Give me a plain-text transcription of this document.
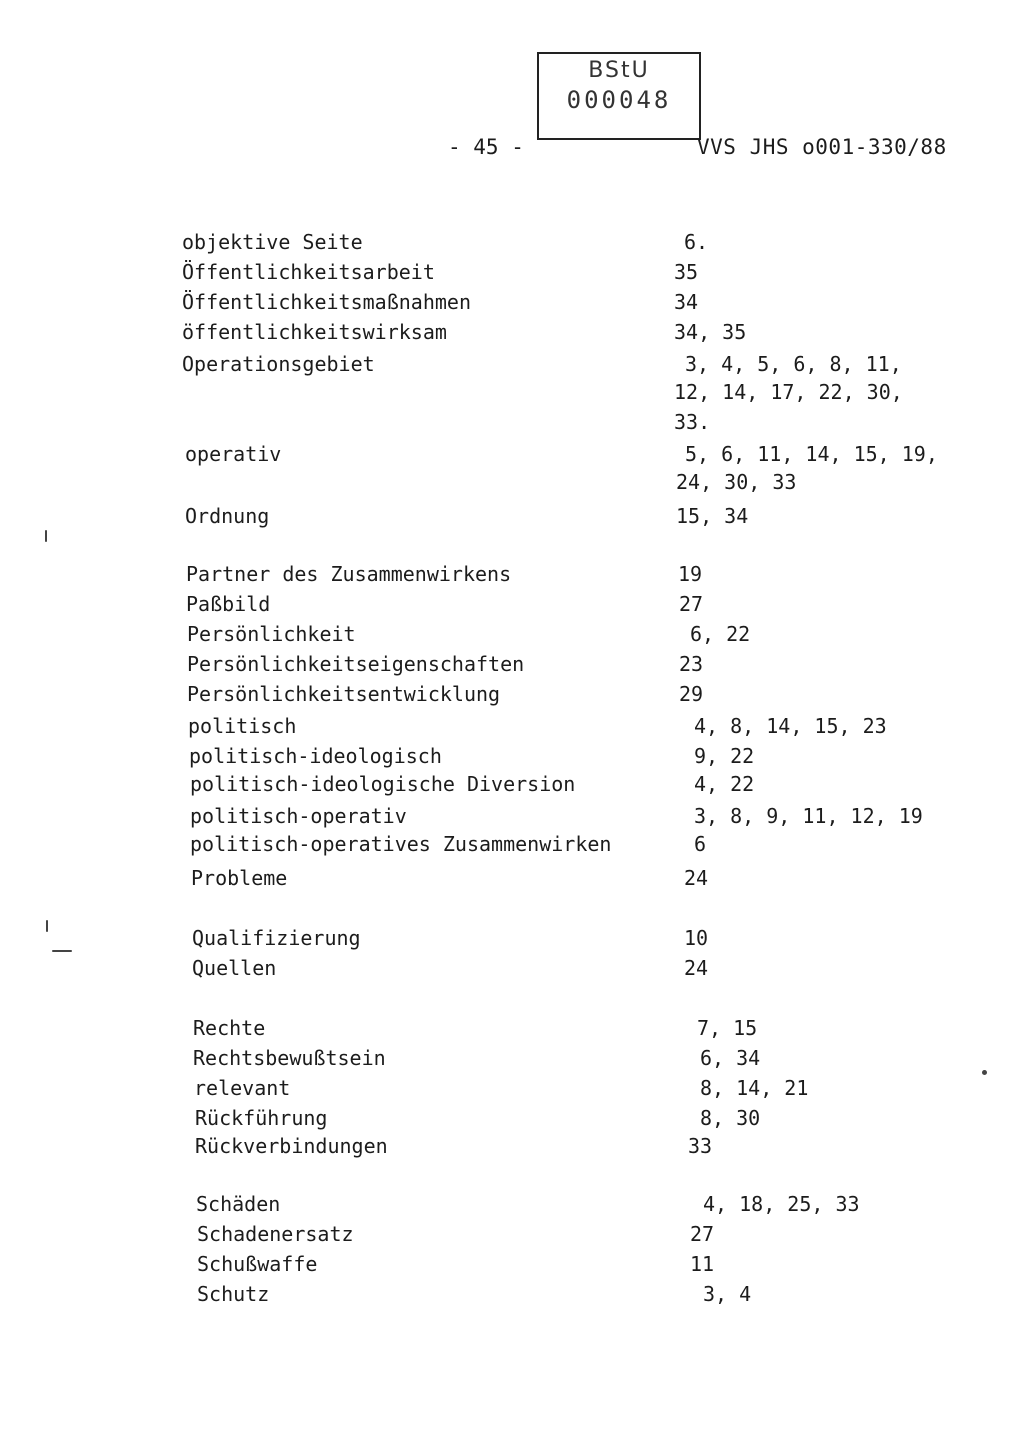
BStU
000048
- 45 -	VVS JHS o001-330/88
objektive Seite	6.
Öffentlichkeitsarbeit	35
Öffentlichkeitsmaßnahmen	34
öffentlichkeitswirksam	34, 35
Operationsgebiet	3, 4, 5, 6, 8, 11,
12, 14, 17, 22, 30,
33.
operativ	5, 6, 11, 14, 15, 19,
24, 30, 33
Ordnung	15, 34
Partner des Zusammenwirkens	19
Paßbild	27
Persönlichkeit	6, 22
Persönlichkeitseigenschaften	23
Persönlichkeitsentwicklung	29
politisch	4, 8, 14, 15, 23
politisch-ideologisch	9, 22
politisch-ideologische Diversion	4, 22
politisch-operativ	3, 8, 9, 11, 12, 19
politisch-operatives Zusammenwirken	6
Probleme	24
Qualifizierung	10
Quellen	24
Rechte	7, 15
Rechtsbewußtsein	6, 34
relevant	8, 14, 21
Rückführung	8, 30
Rückverbindungen	33
Schäden	4, 18, 25, 33
Schadenersatz	27
Schußwaffe	11
Schutz	3, 4
